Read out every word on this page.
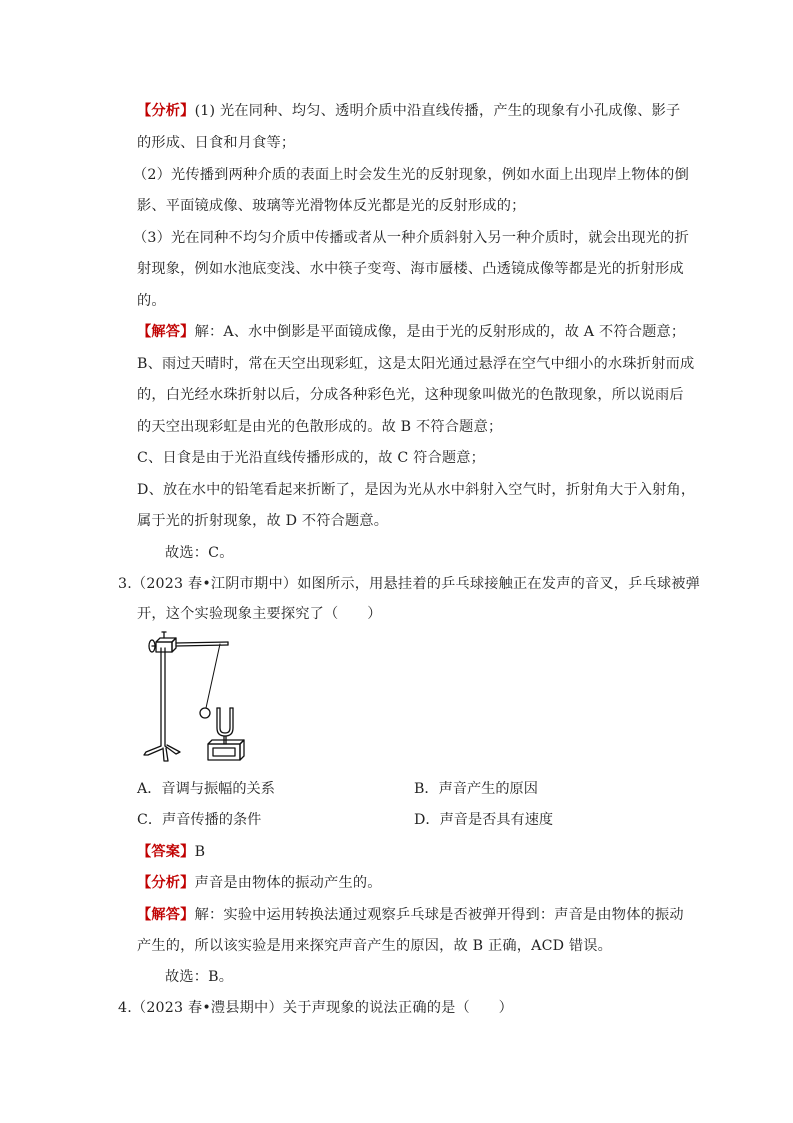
【分析】(1) 光在同种、均匀、透明介质中沿直线传播，产生的现象有小孔成像、影子
的形成、日食和月食等；
（2）光传播到两种介质的表面上时会发生光的反射现象，例如水面上出现岸上物体的倒
影、平面镜成像、玻璃等光滑物体反光都是光的反射形成的；
（3）光在同种不均匀介质中传播或者从一种介质斜射入另一种介质时，就会出现光的折
射现象，例如水池底变浅、水中筷子变弯、海市蜃楼、凸透镜成像等都是光的折射形成
的。
【解答】解：A、水中倒影是平面镜成像，是由于光的反射形成的，故 A 不符合题意；
B、雨过天晴时，常在天空出现彩虹，这是太阳光通过悬浮在空气中细小的水珠折射而成
的，白光经水珠折射以后，分成各种彩色光，这种现象叫做光的色散现象，所以说雨后
的天空出现彩虹是由光的色散形成的。故 B 不符合题意；
C、日食是由于光沿直线传播形成的，故 C 符合题意；
D、放在水中的铅笔看起来折断了，是因为光从水中斜射入空气时，折射角大于入射角，
属于光的折射现象，故 D 不符合题意。
故选：C。
3.（2023 春•江阴市期中）如图所示，用悬挂着的乒乓球接触正在发声的音叉，乒乓球被弹
开，这个实验现象主要探究了（　　）
A．音调与振幅的关系	B．声音产生的原因
C．声音传播的条件	D．声音是否具有速度
【答案】B
【分析】声音是由物体的振动产生的。
【解答】解：实验中运用转换法通过观察乒乓球是否被弹开得到：声音是由物体的振动
产生的，所以该实验是用来探究声音产生的原因，故 B 正确，ACD 错误。
故选：B。
4.（2023 春•澧县期中）关于声现象的说法正确的是（　　）
